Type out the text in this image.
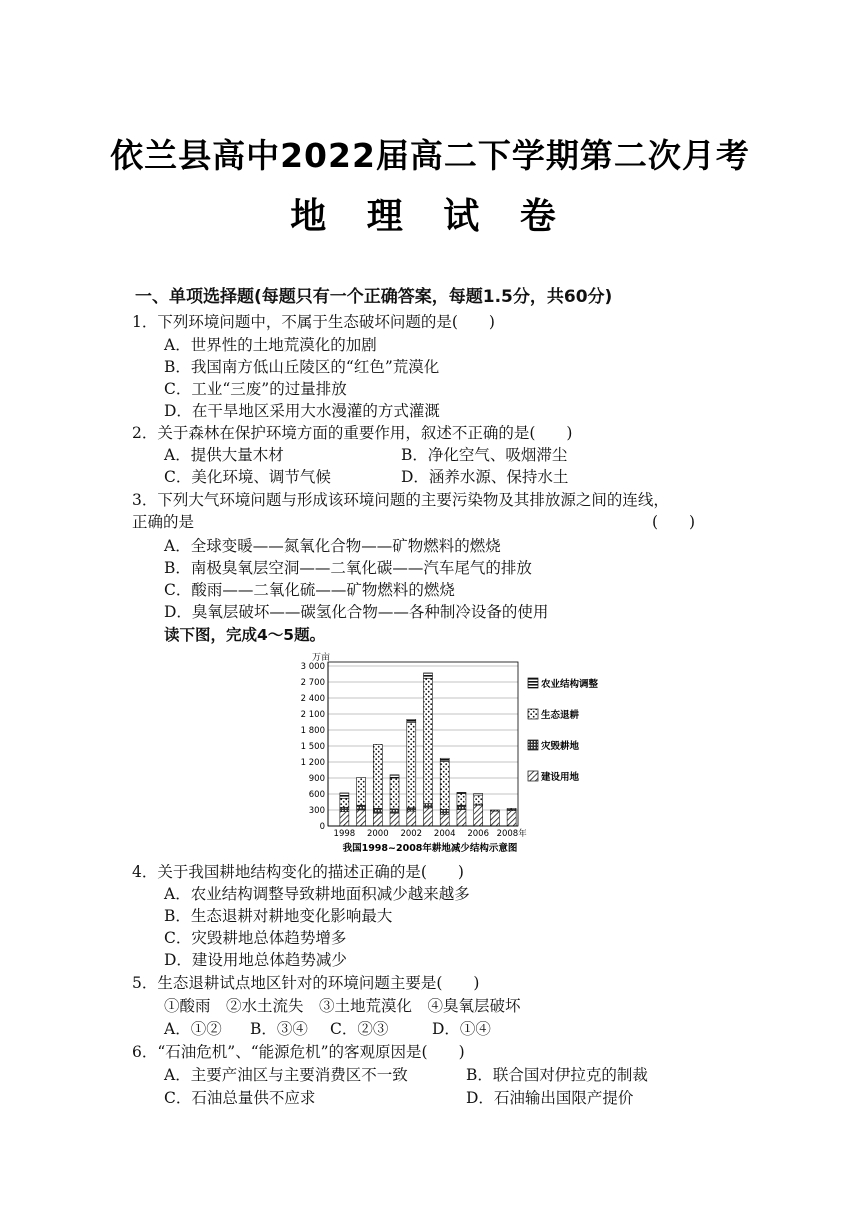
依兰县高中2022届高二下学期第二次月考
地 理 试 卷
一、单项选择题(每题只有一个正确答案，每题1.5分，共60分)
1．下列环境问题中，不属于生态破坏问题的是(　　)
A．世界性的土地荒漠化的加剧
B．我国南方低山丘陵区的“红色”荒漠化
C．工业“三废”的过量排放
D．在干旱地区采用大水漫灌的方式灌溉
2．关于森林在保护环境方面的重要作用，叙述不正确的是(　　)
A．提供大量木材	B．净化空气、吸烟滞尘
C．美化环境、调节气候	D．涵养水源、保持水土
3．下列大气环境问题与形成该环境问题的主要污染物及其排放源之间的连线，
正确的是	(　　)
A．全球变暖——氮氧化合物——矿物燃料的燃烧
B．南极臭氧层空洞——二氧化碳——汽车尾气的排放
C．酸雨——二氧化硫——矿物燃料的燃烧
D．臭氧层破坏——碳氢化合物——各种制冷设备的使用
读下图，完成4～5题。
3 000
2 700
2 400
2 100
1 800
1 500
1 200
900
600
300
0
1998 2000 2002 2004 2006 2008年
农业结构调整
生态退耕
灾毁耕地
建设用地
万亩
我国1998~2008年耕地减少结构示意图
4．关于我国耕地结构变化的描述正确的是(　　)
A．农业结构调整导致耕地面积减少越来越多
B．生态退耕对耕地变化影响最大
C．灾毁耕地总体趋势增多
D．建设用地总体趋势减少
5．生态退耕试点地区针对的环境问题主要是(　　)
①酸雨　②水土流失　③土地荒漠化　④臭氧层破坏
A．①② B．③④ C．②③	D．①④
6．“石油危机”、“能源危机”的客观原因是(　　)
A．主要产油区与主要消费区不一致	B．联合国对伊拉克的制裁
C．石油总量供不应求	D．石油输出国限产提价
